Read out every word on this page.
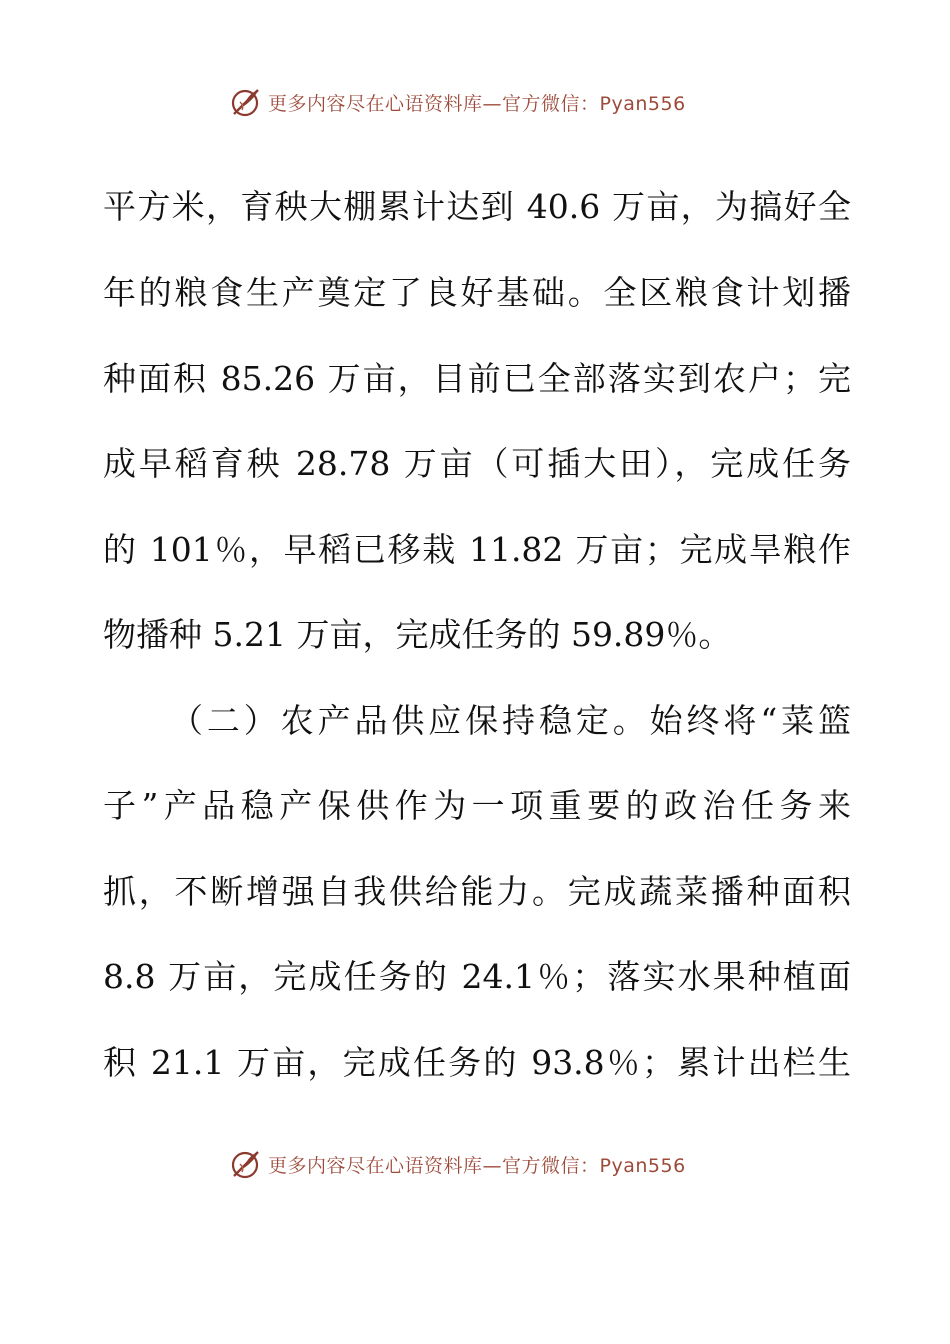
更多内容尽在心语资料库—官方微信：Pyan556
平方米，育秧大棚累计达到 40.6 万亩，为搞好全
年的粮食生产奠定了良好基础。全区粮食计划播
种面积 85.26 万亩，目前已全部落实到农户；完
成早稻育秧 28.78 万亩（可插大田），完成任务
的 101％，早稻已移栽 11.82 万亩；完成旱粮作
物播种 5.21 万亩，完成任务的 59.89％。
（二）农产品供应保持稳定。始终将“菜篮
子”产品稳产保供作为一项重要的政治任务来
抓，不断增强自我供给能力。完成蔬菜播种面积
8.8 万亩，完成任务的 24.1％；落实水果种植面
积 21.1 万亩，完成任务的 93.8％；累计出栏生
更多内容尽在心语资料库—官方微信：Pyan556
